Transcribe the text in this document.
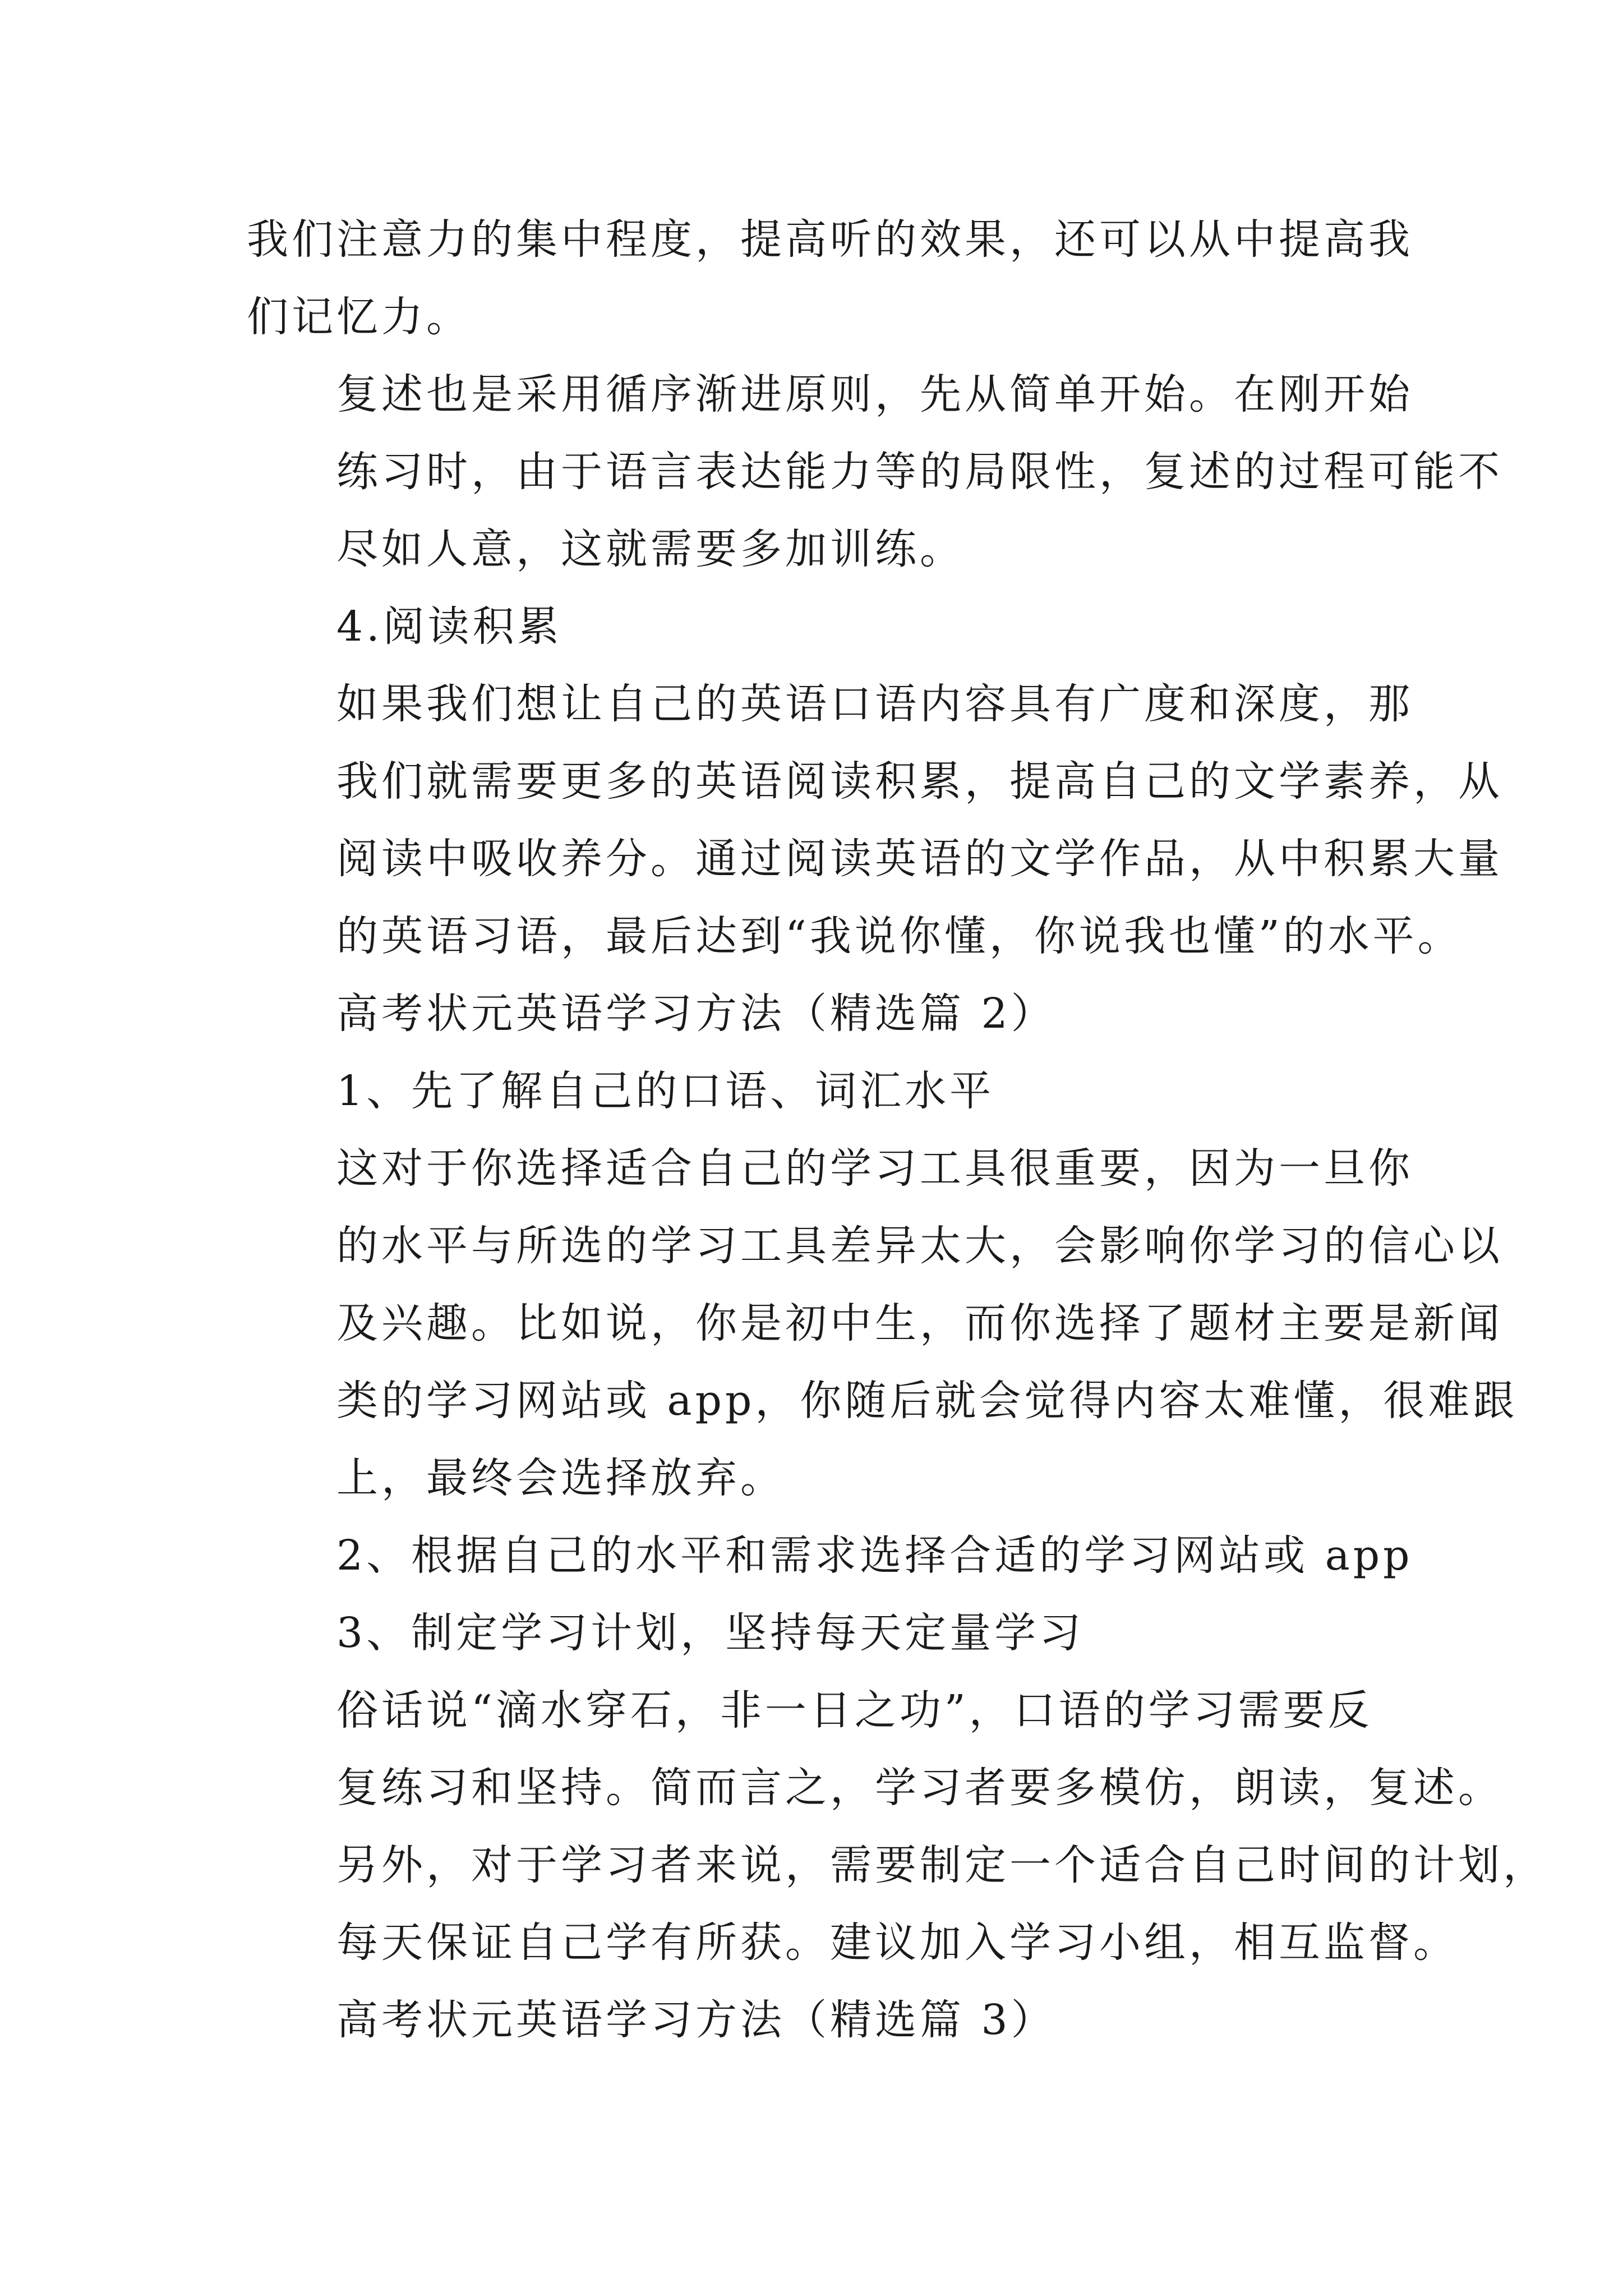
我们注意力的集中程度，提高听的效果，还可以从中提高我
们记忆力。
复述也是采用循序渐进原则，先从简单开始。在刚开始
练习时，由于语言表达能力等的局限性，复述的过程可能不
尽如人意，这就需要多加训练。
4.阅读积累
如果我们想让自己的英语口语内容具有广度和深度，那
我们就需要更多的英语阅读积累，提高自己的文学素养，从
阅读中吸收养分。通过阅读英语的文学作品，从中积累大量
的英语习语，最后达到“我说你懂，你说我也懂”的水平。
高考状元英语学习方法（精选篇 2）
1、先了解自己的口语、词汇水平
这对于你选择适合自己的学习工具很重要，因为一旦你
的水平与所选的学习工具差异太大，会影响你学习的信心以
及兴趣。比如说，你是初中生，而你选择了题材主要是新闻
类的学习网站或 app，你随后就会觉得内容太难懂，很难跟
上，最终会选择放弃。
2、根据自己的水平和需求选择合适的学习网站或 app
3、制定学习计划，坚持每天定量学习
俗话说“滴水穿石，非一日之功”，口语的学习需要反
复练习和坚持。简而言之，学习者要多模仿，朗读，复述。
另外，对于学习者来说，需要制定一个适合自己时间的计划，
每天保证自己学有所获。建议加入学习小组，相互监督。
高考状元英语学习方法（精选篇 3）
